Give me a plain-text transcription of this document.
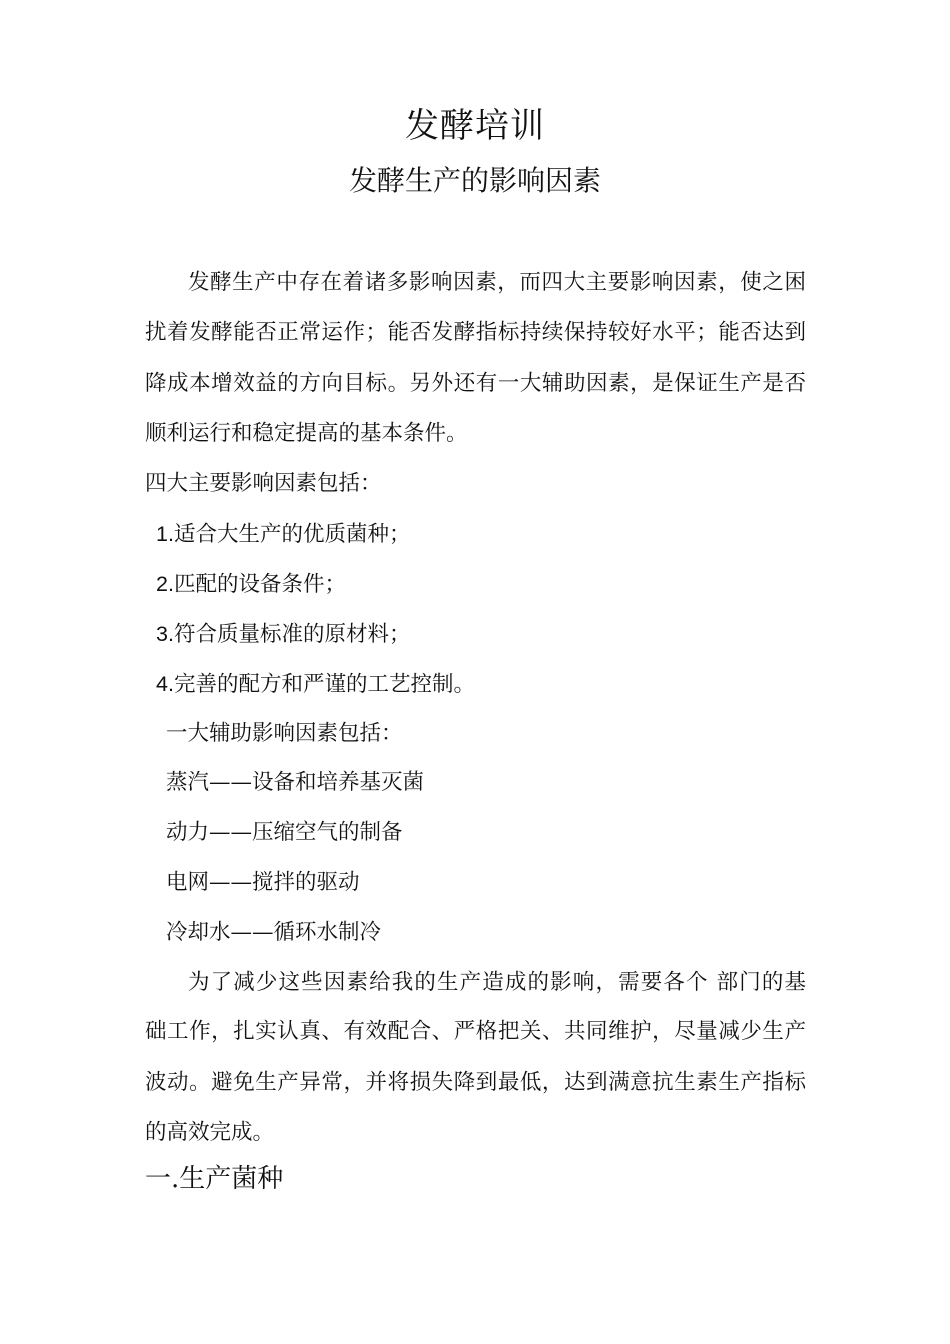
发酵培训
发酵生产的影响因素
发酵生产中存在着诸多影响因素，而四大主要影响因素，使之困
扰着发酵能否正常运作；能否发酵指标持续保持较好水平；能否达到
降成本增效益的方向目标。另外还有一大辅助因素，是保证生产是否
顺利运行和稳定提高的基本条件。
四大主要影响因素包括：
1.适合大生产的优质菌种；
2.匹配的设备条件；
3.符合质量标准的原材料；
4.完善的配方和严谨的工艺控制。
一大辅助影响因素包括：
蒸汽——设备和培养基灭菌
动力——压缩空气的制备
电网——搅拌的驱动
冷却水——循环水制冷
为了减少这些因素给我的生产造成的影响，需要各个 部门的基
础工作，扎实认真、有效配合、严格把关、共同维护，尽量减少生产
波动。避免生产异常，并将损失降到最低，达到满意抗生素生产指标
的高效完成。
一.生产菌种
